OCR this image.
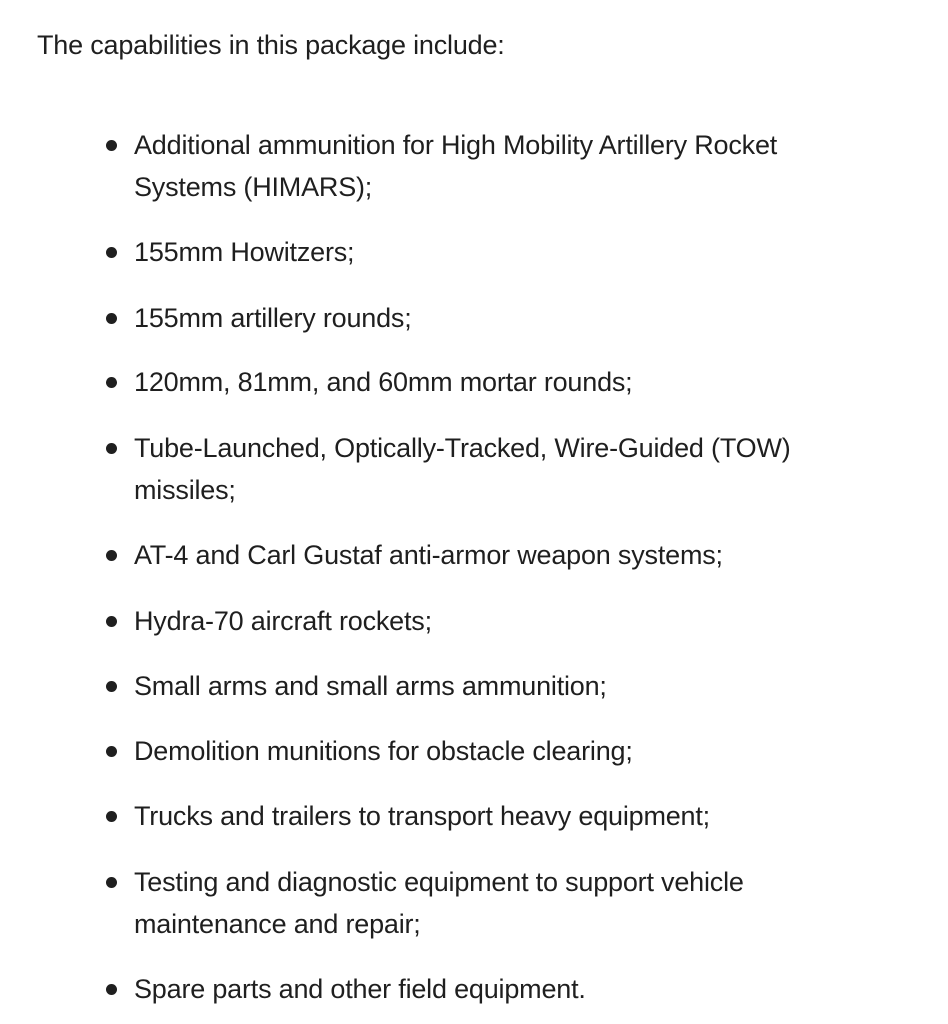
The capabilities in this package include:

Additional ammunition for High Mobility Artillery Rocket Systems (HIMARS);
155mm Howitzers;
155mm artillery rounds;
120mm, 81mm, and 60mm mortar rounds;
Tube-Launched, Optically-Tracked, Wire-Guided (TOW) missiles;
AT-4 and Carl Gustaf anti-armor weapon systems;
Hydra-70 aircraft rockets;
Small arms and small arms ammunition;
Demolition munitions for obstacle clearing;
Trucks and trailers to transport heavy equipment;
Testing and diagnostic equipment to support vehicle maintenance and repair;
Spare parts and other field equipment.
